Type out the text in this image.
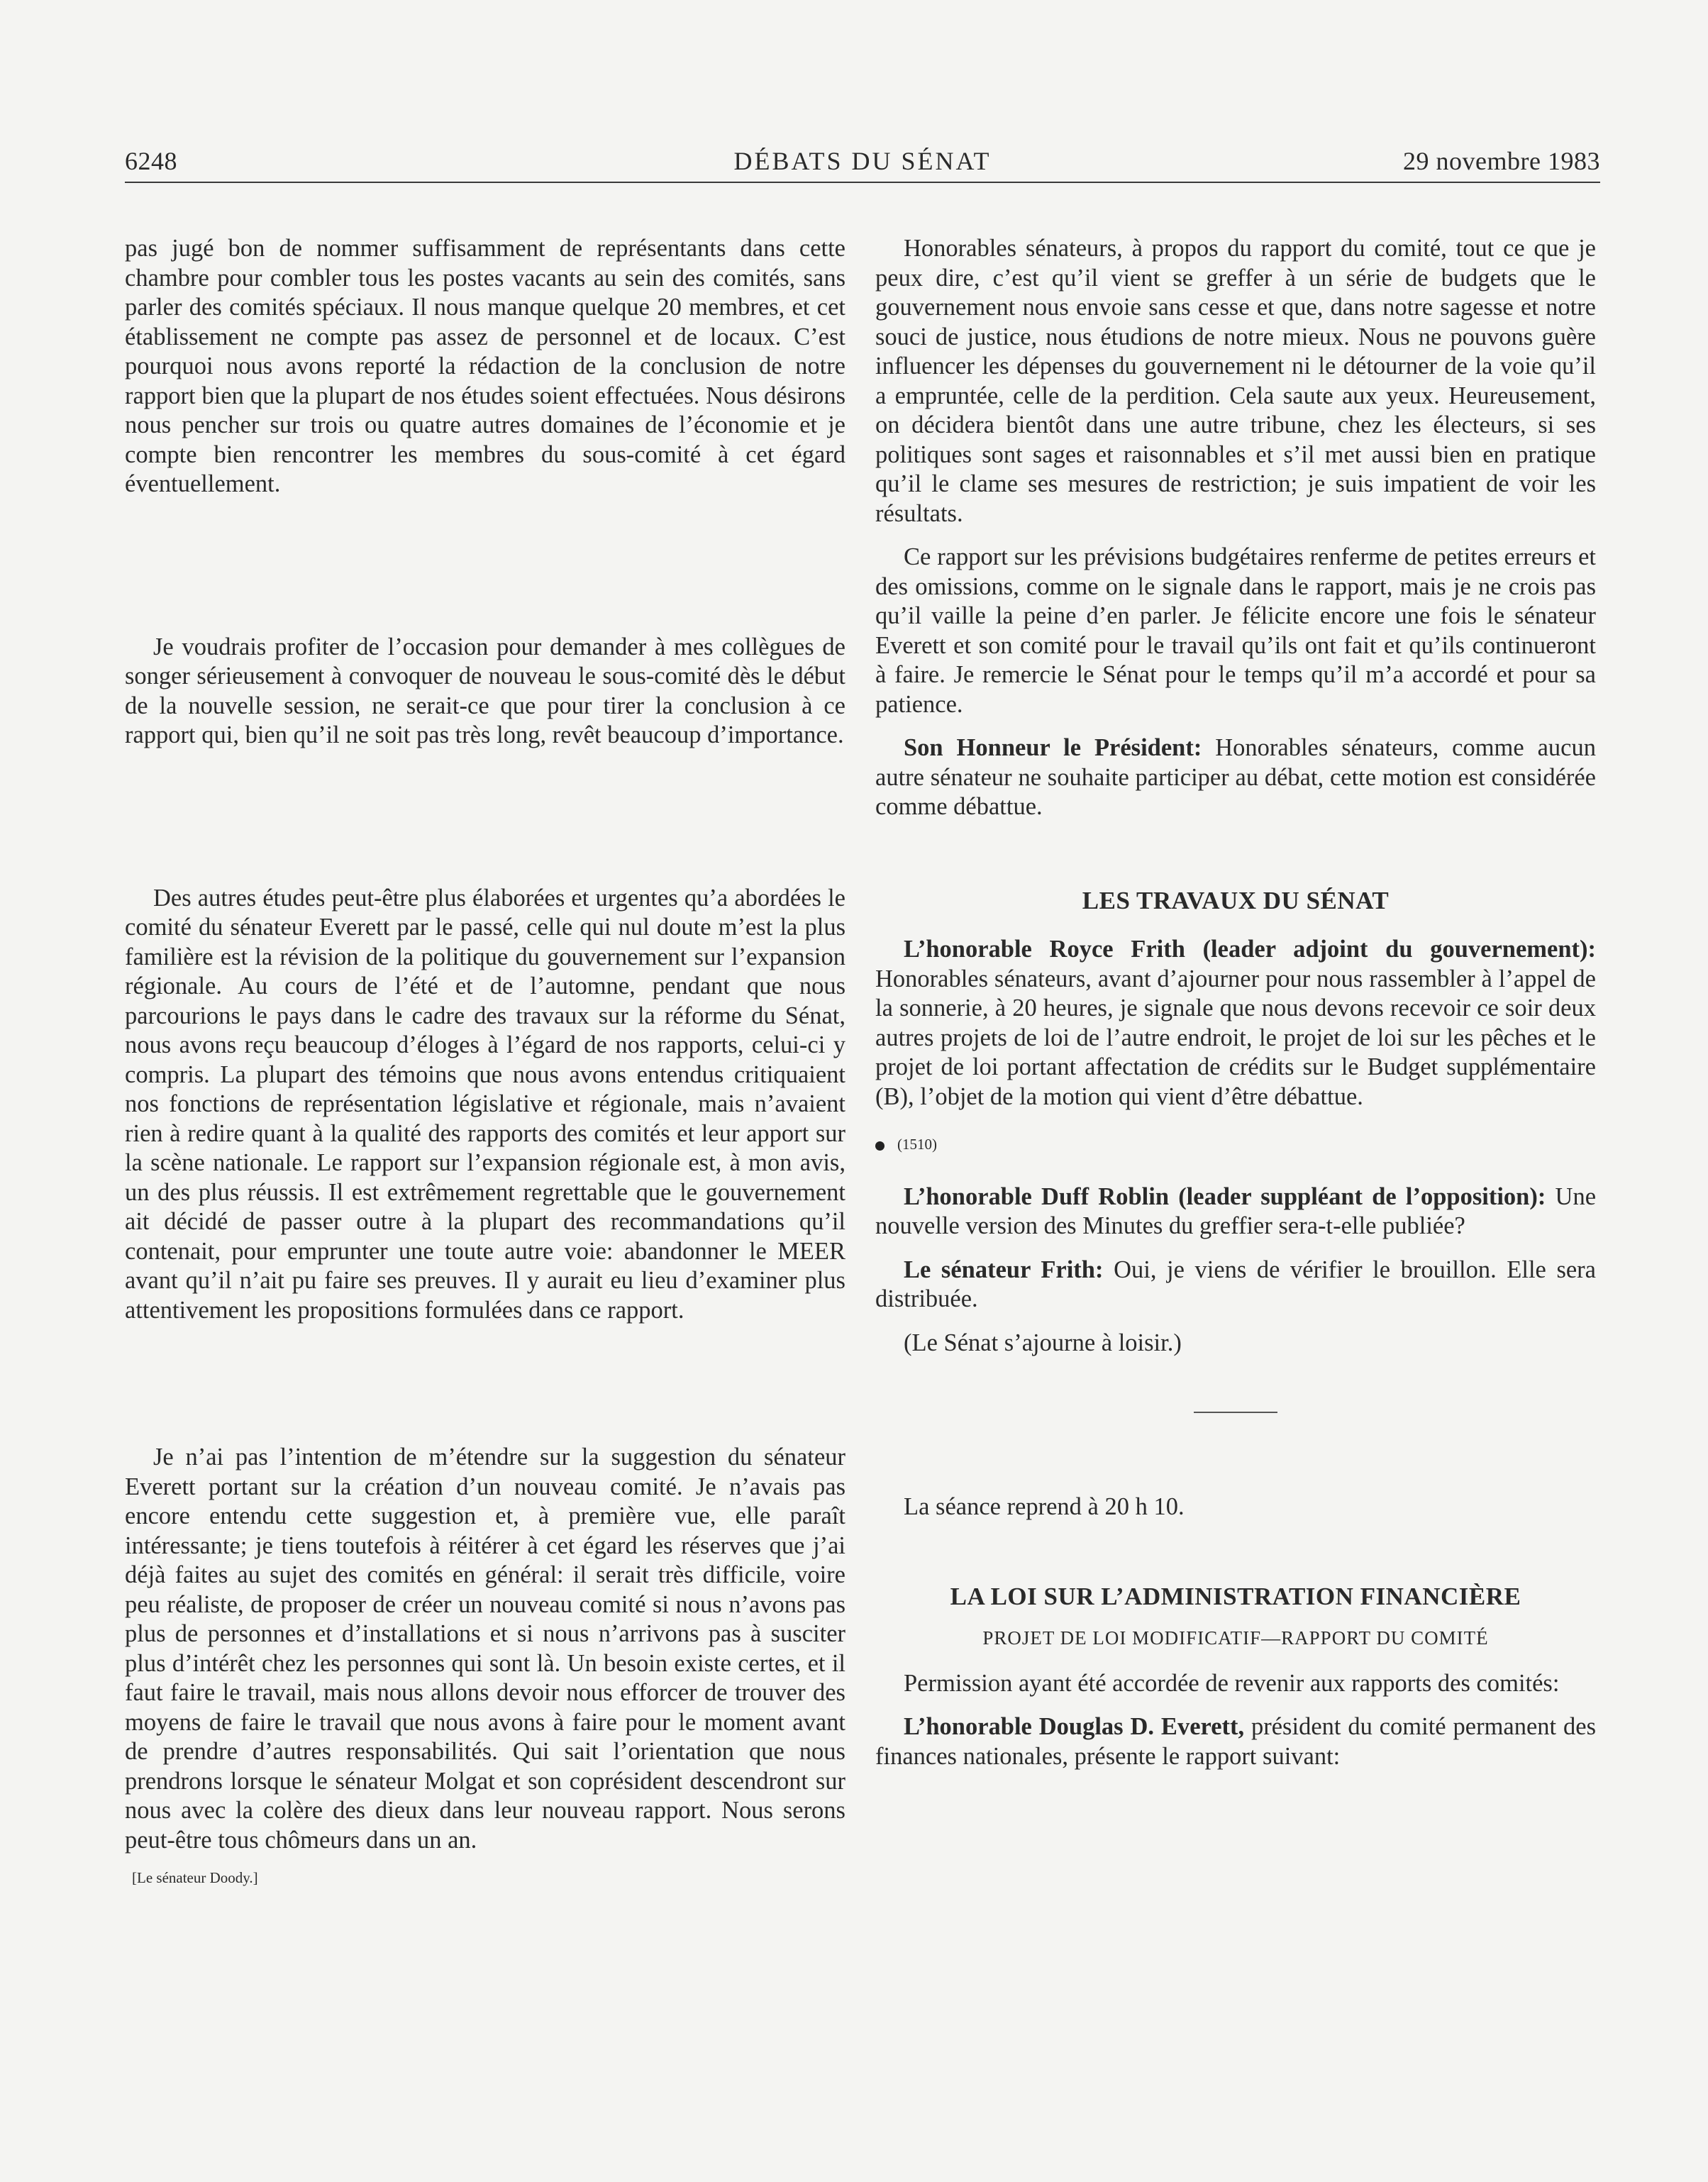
6248	DÉBATS DU SÉNAT	29 novembre 1983

pas jugé bon de nommer suffisamment de représentants dans cette chambre pour combler tous les postes vacants au sein des comités, sans parler des comités spéciaux. Il nous manque quelque 20 membres, et cet établissement ne compte pas assez de personnel et de locaux. C’est pourquoi nous avons reporté la rédaction de la conclusion de notre rapport bien que la plupart de nos études soient effectuées. Nous désirons nous pencher sur trois ou quatre autres domaines de l’économie et je compte bien rencontrer les membres du sous-comité à cet égard éventuellement.

Je voudrais profiter de l’occasion pour demander à mes collègues de songer sérieusement à convoquer de nouveau le sous-comité dès le début de la nouvelle session, ne serait-ce que pour tirer la conclusion à ce rapport qui, bien qu’il ne soit pas très long, revêt beaucoup d’importance.

Des autres études peut-être plus élaborées et urgentes qu’a abordées le comité du sénateur Everett par le passé, celle qui nul doute m’est la plus familière est la révision de la politique du gouvernement sur l’expansion régionale. Au cours de l’été et de l’automne, pendant que nous parcourions le pays dans le cadre des travaux sur la réforme du Sénat, nous avons reçu beaucoup d’éloges à l’égard de nos rapports, celui-ci y compris. La plupart des témoins que nous avons entendus critiquaient nos fonctions de représentation législative et régionale, mais n’avaient rien à redire quant à la qualité des rapports des comités et leur apport sur la scène nationale. Le rapport sur l’expansion régionale est, à mon avis, un des plus réussis. Il est extrêmement regrettable que le gouvernement ait décidé de passer outre à la plupart des recommandations qu’il contenait, pour emprunter une toute autre voie: abandonner le MEER avant qu’il n’ait pu faire ses preuves. Il y aurait eu lieu d’examiner plus attentivement les propositions formulées dans ce rapport.

Je n’ai pas l’intention de m’étendre sur la suggestion du sénateur Everett portant sur la création d’un nouveau comité. Je n’avais pas encore entendu cette suggestion et, à première vue, elle paraît intéressante; je tiens toutefois à réitérer à cet égard les réserves que j’ai déjà faites au sujet des comités en général: il serait très difficile, voire peu réaliste, de proposer de créer un nouveau comité si nous n’avons pas plus de personnes et d’installations et si nous n’arrivons pas à susciter plus d’intérêt chez les personnes qui sont là. Un besoin existe certes, et il faut faire le travail, mais nous allons devoir nous efforcer de trouver des moyens de faire le travail que nous avons à faire pour le moment avant de prendre d’autres responsabilités. Qui sait l’orientation que nous prendrons lorsque le sénateur Molgat et son coprésident descendront sur nous avec la colère des dieux dans leur nouveau rapport. Nous serons peut-être tous chômeurs dans un an.

[Le sénateur Doody.]

Honorables sénateurs, à propos du rapport du comité, tout ce que je peux dire, c’est qu’il vient se greffer à un série de budgets que le gouvernement nous envoie sans cesse et que, dans notre sagesse et notre souci de justice, nous étudions de notre mieux. Nous ne pouvons guère influencer les dépenses du gouvernement ni le détourner de la voie qu’il a empruntée, celle de la perdition. Cela saute aux yeux. Heureusement, on décidera bientôt dans une autre tribune, chez les électeurs, si ses politiques sont sages et raisonnables et s’il met aussi bien en pratique qu’il le clame ses mesures de restriction; je suis impatient de voir les résultats.

Ce rapport sur les prévisions budgétaires renferme de petites erreurs et des omissions, comme on le signale dans le rapport, mais je ne crois pas qu’il vaille la peine d’en parler. Je félicite encore une fois le sénateur Everett et son comité pour le travail qu’ils ont fait et qu’ils continueront à faire. Je remercie le Sénat pour le temps qu’il m’a accordé et pour sa patience.

Son Honneur le Président: Honorables sénateurs, comme aucun autre sénateur ne souhaite participer au débat, cette motion est considérée comme débattue.

LES TRAVAUX DU SÉNAT

L’honorable Royce Frith (leader adjoint du gouvernement): Honorables sénateurs, avant d’ajourner pour nous rassembler à l’appel de la sonnerie, à 20 heures, je signale que nous devons recevoir ce soir deux autres projets de loi de l’autre endroit, le projet de loi sur les pêches et le projet de loi portant affectation de crédits sur le Budget supplémentaire (B), l’objet de la motion qui vient d’être débattue.

(1510)

L’honorable Duff Roblin (leader suppléant de l’opposition): Une nouvelle version des Minutes du greffier sera-t-elle publiée?

Le sénateur Frith: Oui, je viens de vérifier le brouillon. Elle sera distribuée.

(Le Sénat s’ajourne à loisir.)

La séance reprend à 20 h 10.

LA LOI SUR L’ADMINISTRATION FINANCIÈRE
PROJET DE LOI MODIFICATIF—RAPPORT DU COMITÉ

Permission ayant été accordée de revenir aux rapports des comités:

L’honorable Douglas D. Everett, président du comité permanent des finances nationales, présente le rapport suivant:
